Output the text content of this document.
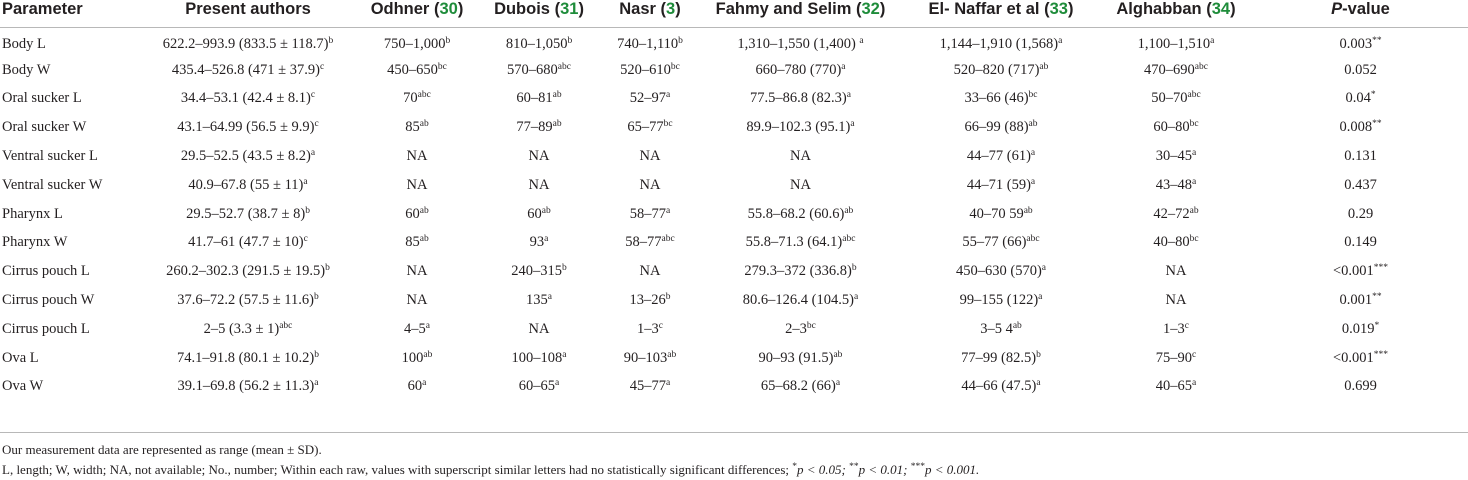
Parameter	Present authors	Odhner (30)	Dubois (31)	Nasr (3)	Fahmy and Selim (32)	El- Naffar et al (33)	Alghabban (34)	P-value
Body L	622.2–993.9 $(833.5 \pm 118.7)^b$	750–1,000$^b$	810–1,050$^b$	740–1,110$^b$	1,310–1,550 (1,400) $^a$	1,144–1,910 $(1,568)^a$	1,100–1,510$^a$	0.003**
Body W	435.4–526.8 $(471 \pm 37.9)^c$	$450-650^{bc}$	$570-680^{abc}$	$520-610^{bc}$	660–780 $(770)^a$	520–820 $(717)^{ab}$	$470-690^{abc}$	0.052
Oral sucker L	34.4–53.1 $(42.4 \pm 8.1)^c$	$70^{abc}$	$60-81^{ab}$	52–97$^a$	77.5–86.8 $(82.3)^a$	33–66 $(46)^{bc}$	$50-70^{abc}$	0.04*
Oral sucker W	43.1–64.99 $(56.5 \pm 9.9)^c$	$85^{ab}$	$77-89^{ab}$	$65-77^{bc}$	89.9–102.3 $(95.1)^a$	66–99 $(88)^{ab}$	$60-80^{bc}$	0.008**
Ventral sucker L	29.5–52.5 $(43.5 \pm 8.2)^a$	NA	NA	NA	NA	44–77 $(61)^a$	30–45$^a$	0.131
Ventral sucker W	40.9–67.8 $(55 \pm 11)^a$	NA	NA	NA	NA	44–71 $(59)^a$	43–48$^a$	0.437
Pharynx L	29.5–52.7 $(38.7 \pm 8)^b$	$60^{ab}$	$60^{ab}$	58–77$^a$	55.8–68.2 $(60.6)^{ab}$	40–70 $59^{ab}$	$42-72^{ab}$	0.29
Pharynx W	41.7–61 $(47.7 \pm 10)^c$	$85^{ab}$	93$^a$	$58-77^{abc}$	55.8–71.3 $(64.1)^{abc}$	55–77 $(66)^{abc}$	$40-80^{bc}$	0.149
Cirrus pouch L	260.2–302.3 $(291.5 \pm 19.5)^b$	NA	240–315$^b$	NA	279.3–372 $(336.8)^b$	450–630 $(570)^a$	NA	<0.001***
Cirrus pouch W	37.6–72.2 $(57.5 \pm 11.6)^b$	NA	135$^a$	13–26$^b$	80.6–126.4 $(104.5)^a$	99–155 $(122)^a$	NA	0.001**
Cirrus pouch L	2–5 $(3.3 \pm 1)^{abc}$	4–5$^a$	NA	1–3$^c$	$2-3^{bc}$	3–5 $4^{ab}$	1–3$^c$	0.019*
Ova L	74.1–91.8 $(80.1 \pm 10.2)^b$	$100^{ab}$	100–108$^a$	$90-103^{ab}$	90–93 $(91.5)^{ab}$	77–99 $(82.5)^b$	$75-90^c$	<0.001***
Ova W	39.1–69.8 $(56.2 \pm 11.3)^a$	60$^a$	60–65$^a$	45–77$^a$	65–68.2 $(66)^a$	44–66 $(47.5)^a$	40–65$^a$	0.699
Our measurement data are represented as range (mean ± SD).
L, length; W, width; NA, not available; No., number; Within each raw, values with superscript similar letters had no statistically significant differences; *p < 0.05; **p < 0.01; ***p < 0.001.
